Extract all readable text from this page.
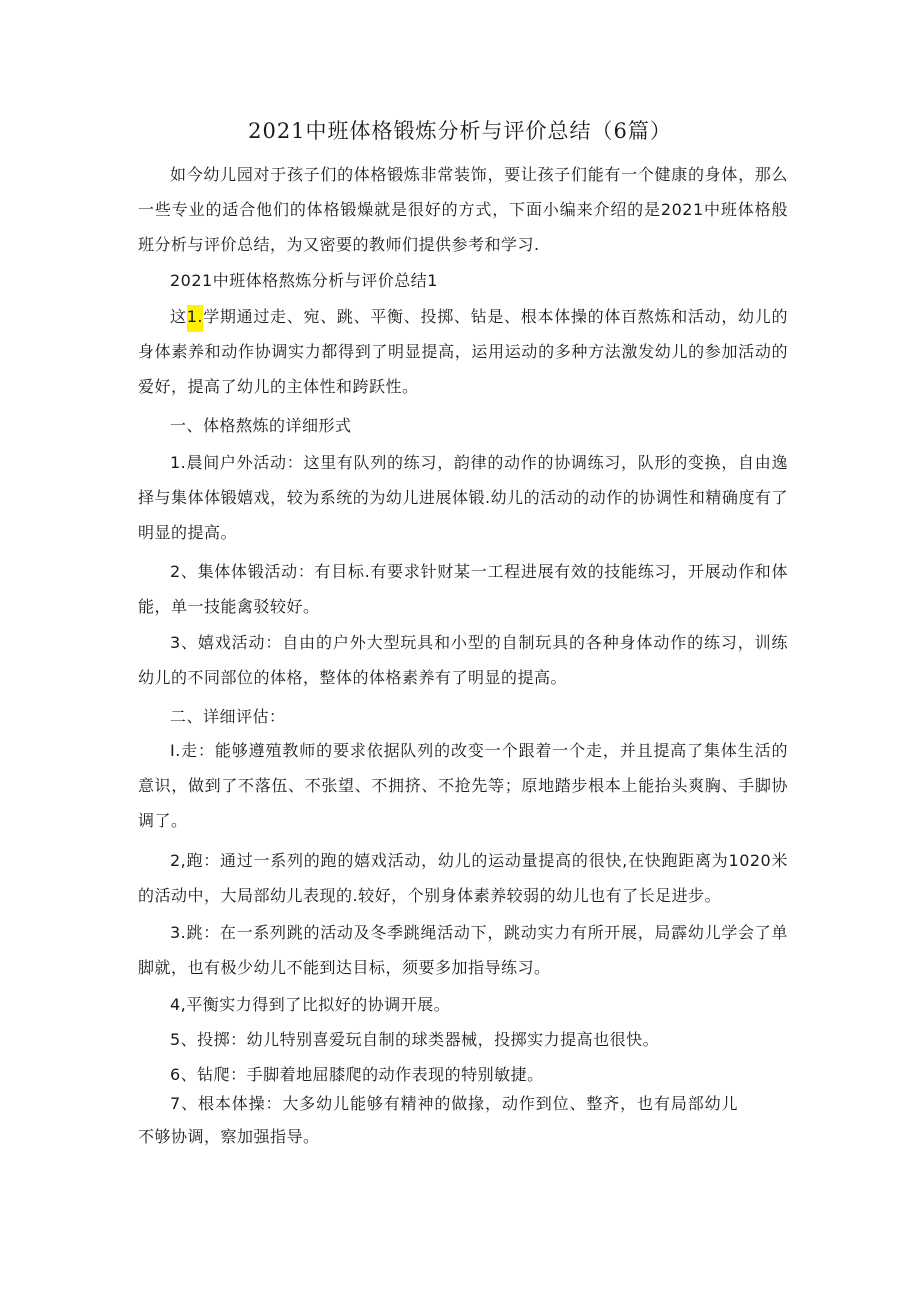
2021中班体格锻炼分析与评价总结（6篇）

如今幼儿园对于孩子们的体格锻炼非常装饰，要让孩子们能有一个健康的身体，那么一些专业的适合他们的体格锻燥就是很好的方式，下面小编来介绍的是2021中班体格般班分析与评价总结，为又密要的教师们提供参考和学习.

2021中班体格熬炼分析与评价总结1

这1.学期通过走、宛、跳、平衡、投掷、钻是、根本体操的体百熬炼和活动，幼儿的身体素养和动作协调实力都得到了明显提高，运用运动的多种方法激发幼儿的参加活动的爱好，提高了幼儿的主体性和跨跃性。

一、体格熬炼的详细形式

1.晨间户外活动：这里有队列的练习，韵律的动作的协调练习，队形的变换，自由逸择与集体体锻嬉戏，较为系统的为幼儿进展体锻.幼儿的活动的动作的协调性和精确度有了明显的提高。

2、集体体锻活动：有目标.有要求针财某一工程进展有效的技能练习，开展动作和体能，单一技能禽驳较好。

3、嬉戏活动：自由的户外大型玩具和小型的自制玩具的各种身体动作的练习，训练幼儿的不同部位的体格，整体的体格素养有了明显的提高。

二、详细评估：

I.走：能够遵殖教师的要求依据队列的改变一个跟着一个走，并且提高了集体生活的意识，做到了不落伍、不张望、不拥挤、不抢先等；原地踏步根本上能抬头爽胸、手脚协调了。

2,跑：通过一系列的跑的嬉戏活动，幼儿的运动量提高的很快,在快跑距离为1020米的活动中，大局部幼儿表现的.较好，个别身体素养较弱的幼儿也有了长足进步。

3.跳：在一系列跳的活动及冬季跳绳活动下，跳动实力有所开展，局霹幼儿学会了单脚就，也有极少幼儿不能到达目标，须要多加指导练习。

4,平衡实力得到了比拟好的协调开展。

5、投掷：幼儿特别喜爱玩自制的球类器械，投掷实力提高也很快。

6、钻爬：手脚着地屈膝爬的动作表现的特别敏捷。

7、根本体操：大多幼儿能够有精神的做掾，动作到位、整齐，也有局部幼儿不够协调，察加强指导。
